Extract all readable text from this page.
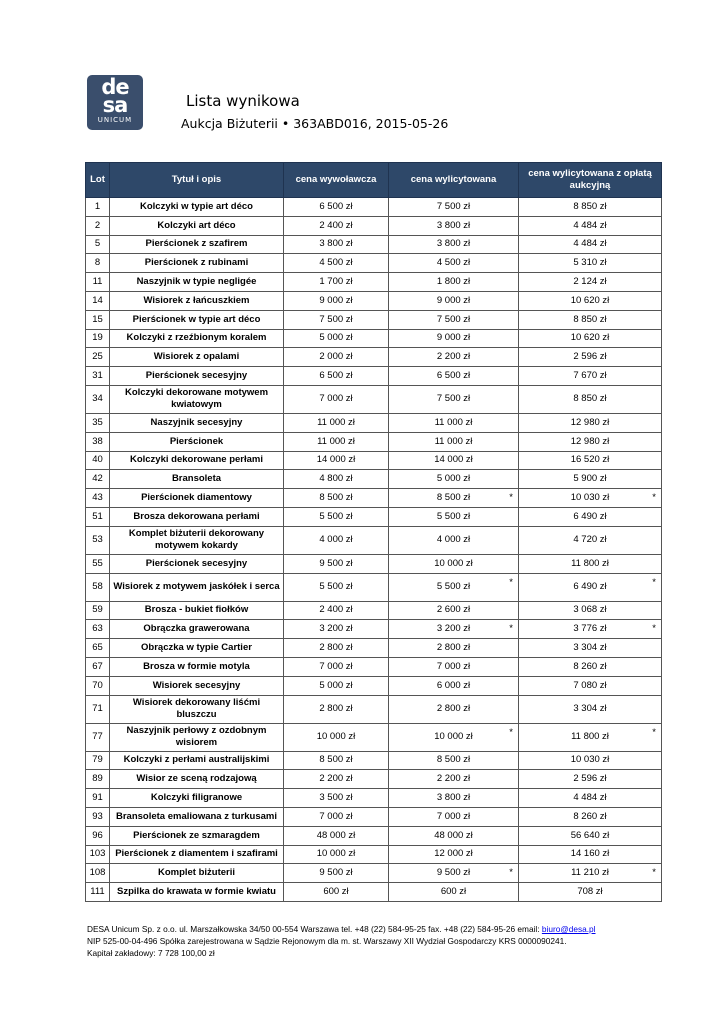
de
sa
UNICUM
Lista wynikowa
Aukcja Biżuterii • 363ABD016, 2015-05-26
Lot	Tytuł i opis	cena wywoławcza	cena wylicytowana	cena wylicytowana z opłatą aukcyjną
1	Kolczyki w typie art déco	6 500 zł	7 500 zł	8 850 zł
2	Kolczyki art déco	2 400 zł	3 800 zł	4 484 zł
5	Pierścionek z szafirem	3 800 zł	3 800 zł	4 484 zł
8	Pierścionek z rubinami	4 500 zł	4 500 zł	5 310 zł
11	Naszyjnik w typie negligée	1 700 zł	1 800 zł	2 124 zł
14	Wisiorek z łańcuszkiem	9 000 zł	9 000 zł	10 620 zł
15	Pierścionek w typie art déco	7 500 zł	7 500 zł	8 850 zł
19	Kolczyki z rzeźbionym koralem	5 000 zł	9 000 zł	10 620 zł
25	Wisiorek z opalami	2 000 zł	2 200 zł	2 596 zł
31	Pierścionek secesyjny	6 500 zł	6 500 zł	7 670 zł
34	Kolczyki dekorowane motywem kwiatowym	7 000 zł	7 500 zł	8 850 zł
35	Naszyjnik secesyjny	11 000 zł	11 000 zł	12 980 zł
38	Pierścionek	11 000 zł	11 000 zł	12 980 zł
40	Kolczyki dekorowane perłami	14 000 zł	14 000 zł	16 520 zł
42	Bransoleta	4 800 zł	5 000 zł	5 900 zł
43	Pierścionek diamentowy	8 500 zł	8 500 zł *	10 030 zł *

51	Brosza dekorowana perłami	5 500 zł	5 500 zł	6 490 zł
53	Komplet biżuterii dekorowany motywem kokardy	4 000 zł	4 000 zł	4 720 zł
55	Pierścionek secesyjny	9 500 zł	10 000 zł	11 800 zł
58	Wisiorek z motywem jaskółek i serca	5 500 zł	5 500 zł *	6 490 zł *

59	Brosza - bukiet fiołków	2 400 zł	2 600 zł	3 068 zł
63	Obrączka grawerowana	3 200 zł	3 200 zł *	3 776 zł *

65	Obrączka w typie Cartier	2 800 zł	2 800 zł	3 304 zł
67	Brosza w formie motyla	7 000 zł	7 000 zł	8 260 zł
70	Wisiorek secesyjny	5 000 zł	6 000 zł	7 080 zł
71	Wisiorek dekorowany liśćmi bluszczu	2 800 zł	2 800 zł	3 304 zł
77	Naszyjnik perłowy z ozdobnym wisiorem	10 000 zł	10 000 zł *	11 800 zł *

79	Kolczyki z perłami australijskimi	8 500 zł	8 500 zł	10 030 zł
89	Wisior ze sceną rodzajową	2 200 zł	2 200 zł	2 596 zł
91	Kolczyki filigranowe	3 500 zł	3 800 zł	4 484 zł
93	Bransoleta emaliowana z turkusami	7 000 zł	7 000 zł	8 260 zł
96	Pierścionek ze szmaragdem	48 000 zł	48 000 zł	56 640 zł
103	Pierścionek z diamentem i szafirami	10 000 zł	12 000 zł	14 160 zł
108	Komplet biżuterii	9 500 zł	9 500 zł *	11 210 zł *

111	Szpilka do krawata w formie kwiatu	600 zł	600 zł	708 zł
DESA Unicum Sp. z o.o. ul. Marszałkowska 34/50 00-554 Warszawa tel. +48 (22) 584-95-25 fax. +48 (22) 584-95-26 email: biuro@desa.pl
NIP 525-00-04-496 Spółka zarejestrowana w Sądzie Rejonowym dla m. st. Warszawy XII Wydział Gospodarczy KRS 0000090241.
Kapitał zakładowy: 7 728 100,00 zł
